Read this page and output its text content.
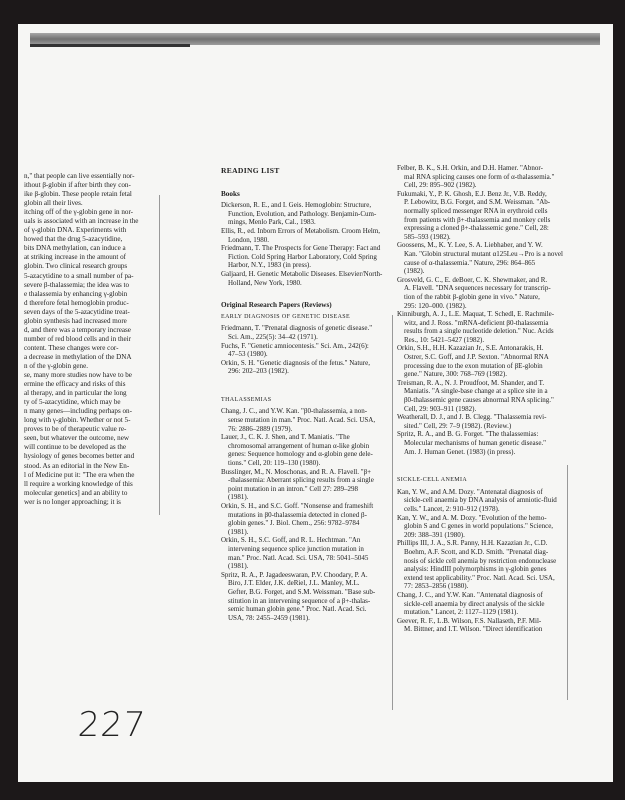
n," that people can live essentially nor-
ithout β-globin if after birth they con-
ike β-globin. These people retain fetal
globin all their lives.
itching off of the γ-globin gene in nor-
uals is associated with an increase in the
of γ-globin DNA. Experiments with
howed that the drug 5-azacytidine,
bits DNA methylation, can induce a
at striking increase in the amount of
globin. Two clinical research groups
5-azacytidine to a small number of pa-
severe β-thalassemia; the idea was to
e thalassemia by enhancing γ-globin
d therefore fetal hemoglobin produc-
seven days of the 5-azacytidine treat-
globin synthesis had increased more
d, and there was a temporary increase
number of red blood cells and in their
content. These changes were cor-
a decrease in methylation of the DNA
n of the γ-globin gene.
se, many more studies now have to be
ermine the efficacy and risks of this
al therapy, and in particular the long
ty of 5-azacytidine, which may be
n many genes—including perhaps on-
long with γ-globin. Whether or not 5-
proves to be of therapeutic value re-
seen, but whatever the outcome, new
will continue to be developed as the
hysiology of genes becomes better and
stood. As an editorial in the New En-
l of Medicine put it: "The era when the
ll require a working knowledge of this
molecular genetics] and an ability to
wer is no longer approaching; it is
READING LIST
Books
Dickerson, R. E., and I. Geis. Hemoglobin: Structure,
Function, Evolution, and Pathology. Benjamin-Cum-
mings, Menlo Park, Cal., 1983.
Ellis, R., ed. Inborn Errors of Metabolism. Croom Helm,
London, 1980.
Friedmann, T. The Prospects for Gene Therapy: Fact and
Fiction. Cold Spring Harbor Laboratory, Cold Spring
Harbor, N.Y., 1983 (in press).
Galjaard, H. Genetic Metabolic Diseases. Elsevier/North-
Holland, New York, 1980.
Original Research Papers (Reviews)
EARLY DIAGNOSIS OF GENETIC DISEASE
Friedmann, T. "Prenatal diagnosis of genetic disease."
Sci. Am., 225(5): 34–42 (1971).
Fuchs, F. "Genetic amniocentesis." Sci. Am., 242(6):
47–53 (1980).
Orkin, S. H. "Genetic diagnosis of the fetus." Nature,
296: 202–203 (1982).
THALASSEMIAS
Chang, J. C., and Y.W. Kan. "β0-thalassemia, a non-
sense mutation in man." Proc. Natl. Acad. Sci. USA,
76: 2886–2889 (1979).
Lauer, J., C. K. J. Shen, and T. Maniatis. "The
chromosomal arrangement of human α-like globin
genes: Sequence homology and α-globin gene dele-
tions." Cell, 20: 119–130 (1980).
Busslinger, M., N. Moschonas, and R. A. Flavell. "β+
-thalassemia: Aberrant splicing results from a single
point mutation in an intron." Cell 27: 289–298
(1981).
Orkin, S. H., and S.C. Goff. "Nonsense and frameshift
mutations in β0-thalassemia detected in cloned β-
globin genes." J. Biol. Chem., 256: 9782–9784
(1981).
Orkin, S. H., S.C. Goff, and R. L. Hechtman. "An
intervening sequence splice junction mutation in
man." Proc. Natl. Acad. Sci. USA, 78: 5041–5045
(1981).
Spritz, R. A., P. Jagadeeswaran, P.V. Choodary, P. A.
Biro, J.T. Elder, J.K. deRiel, J.L. Manley, M.L.
Gefter, B.G. Forget, and S.M. Weissman. "Base sub-
stitution in an intervening sequence of a β+-thalas-
semic human globin gene." Proc. Natl. Acad. Sci.
USA, 78: 2455–2459 (1981).
Felber, B. K., S.H. Orkin, and D.H. Hamer. "Abnor-
mal RNA splicing causes one form of α-thalassemia."
Cell, 29: 895–902 (1982).
Fukumaki, Y., P. K. Ghosh, E.J. Benz Jr., V.B. Reddy,
P. Lebowitz, B.G. Forget, and S.M. Weissman. "Ab-
normally spliced messenger RNA in erythroid cells
from patients with β+-thalassemia and monkey cells
expressing a cloned β+-thalassemic gene." Cell, 28:
585–593 (1982).
Goossens, M., K. Y. Lee, S. A. Liebhaber, and Y. W.
Kan. "Globin structural mutant α125Leu→Pro is a novel
cause of α-thalassemia." Nature, 296: 864–865
(1982).
Grosveld, G. C., E. deBoer, C. K. Shewmaker, and R.
A. Flavell. "DNA sequences necessary for transcrip-
tion of the rabbit β-globin gene in vivo." Nature,
295: 120–000. (1982).
Kinniburgh, A. J., L.E. Maquat, T. Schedl, E. Rachmile-
witz, and J. Ross. "mRNA-deficient β0-thalassemia
results from a single nucleotide deletion." Nuc. Acids
Res., 10: 5421–5427 (1982).
Orkin, S.H., H.H. Kazazian Jr., S.E. Antonarakis, H.
Ostrer, S.C. Goff, and J.P. Sexton. "Abnormal RNA
processing due to the exon mutation of βE-globin
gene." Nature, 300: 768–769 (1982).
Treisman, R. A., N. J. Proudfoot, M. Shander, and T.
Maniatis. "A single-base change at a splice site in a
β0-thalassemic gene causes abnormal RNA splicing."
Cell, 29: 903–911 (1982).
Weatherall, D. J., and J. B. Clegg. "Thalassemia revi-
sited." Cell, 29: 7–9 (1982). (Review.)
Spritz, R. A., and B. G. Forget. "The thalassemias:
Molecular mechanisms of human genetic disease."
Am. J. Human Genet. (1983) (in press).
SICKLE-CELL ANEMIA
Kan, Y. W., and A.M. Dozy. "Antenatal diagnosis of
sickle-cell anaemia by DNA analysis of amniotic-fluid
cells." Lancet, 2: 910–912 (1978).
Kan, Y. W., and A. M. Dozy. "Evolution of the hemo-
globin S and C genes in world populations." Science,
209: 388–391 (1980).
Phillips III, J. A., S.R. Panny, H.H. Kazazian Jr., C.D.
Boehm, A.F. Scott, and K.D. Smith. "Prenatal diag-
nosis of sickle cell anemia by restriction endonuclease
analysis: HindIII polymorphisms in γ-globin genes
extend test applicability." Proc. Natl. Acad. Sci. USA,
77: 2853–2856 (1980).
Chang, J. C., and Y.W. Kan. "Antenatal diagnosis of
sickle-cell anaemia by direct analysis of the sickle
mutation." Lancet, 2: 1127–1129 (1981).
Geever, R. F., L.B. Wilson, F.S. Nallaseth, P.F. Mil-
M. Bittner, and I.T. Wilson. "Direct identification
227
